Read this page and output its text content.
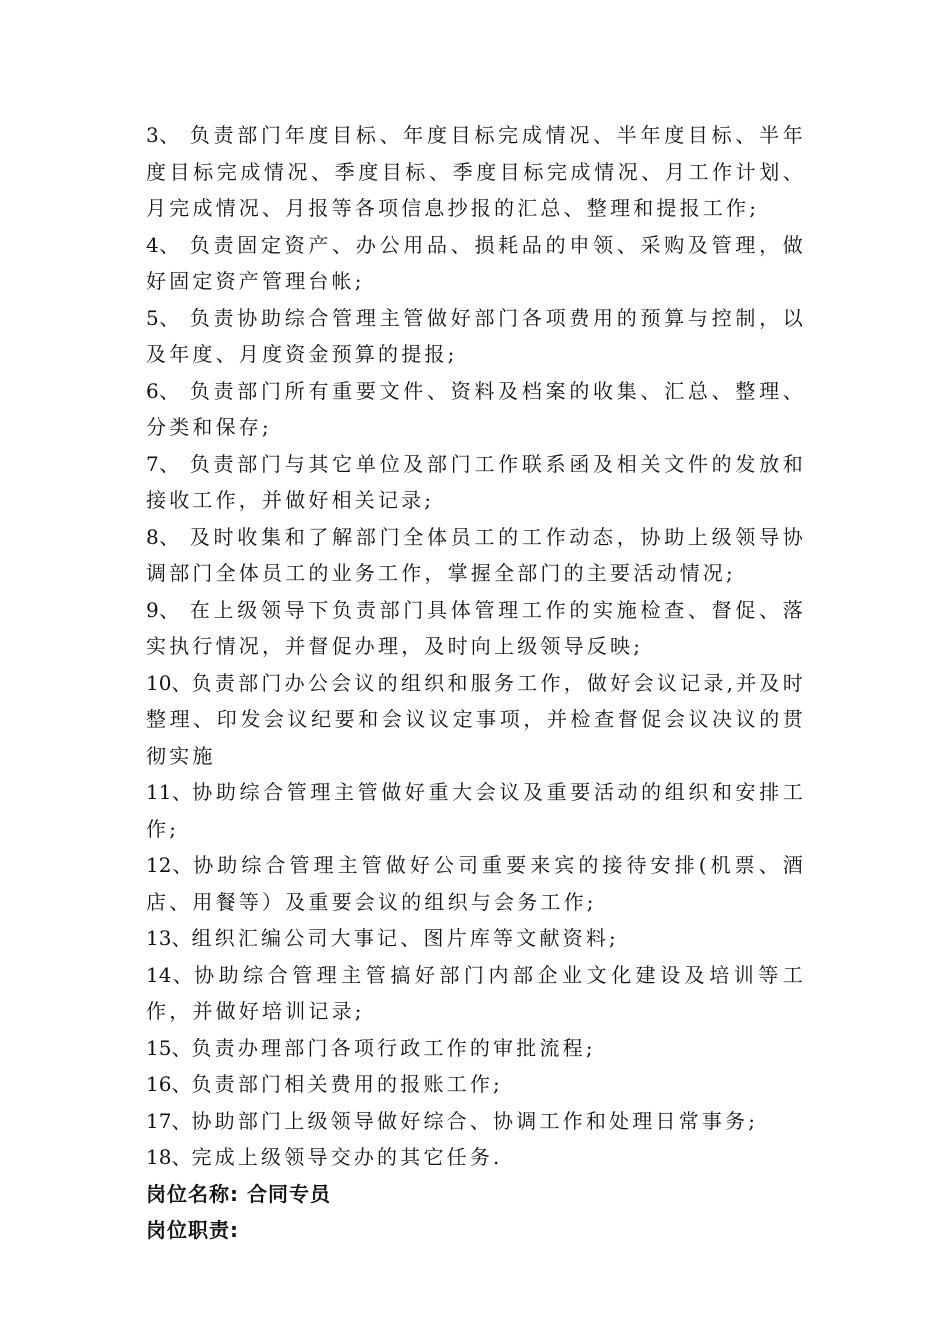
3、 负责部门年度目标、年度目标完成情况、半年度目标、半年度目标完成情况、季度目标、季度目标完成情况、月工作计划、月完成情况、月报等各项信息抄报的汇总、整理和提报工作;

4、 负责固定资产、办公用品、损耗品的申领、采购及管理，做好固定资产管理台帐;

5、 负责协助综合管理主管做好部门各项费用的预算与控制，以及年度、月度资金预算的提报;

6、 负责部门所有重要文件、资料及档案的收集、汇总、整理、分类和保存;

7、 负责部门与其它单位及部门工作联系函及相关文件的发放和接收工作，并做好相关记录;

8、 及时收集和了解部门全体员工的工作动态，协助上级领导协调部门全体员工的业务工作，掌握全部门的主要活动情况;

9、 在上级领导下负责部门具体管理工作的实施检查、督促、落实执行情况，并督促办理，及时向上级领导反映;

10、负责部门办公会议的组织和服务工作，做好会议记录,并及时整理、印发会议纪要和会议议定事项，并检查督促会议决议的贯彻实施

11、协助综合管理主管做好重大会议及重要活动的组织和安排工作;

12、协助综合管理主管做好公司重要来宾的接待安排(机票、酒店、用餐等）及重要会议的组织与会务工作;

13、组织汇编公司大事记、图片库等文献资料;

14、协助综合管理主管搞好部门内部企业文化建设及培训等工作，并做好培训记录;

15、负责办理部门各项行政工作的审批流程;

16、负责部门相关费用的报账工作;

17、协助部门上级领导做好综合、协调工作和处理日常事务;

18、完成上级领导交办的其它任务.

岗位名称: 合同专员

岗位职责:
